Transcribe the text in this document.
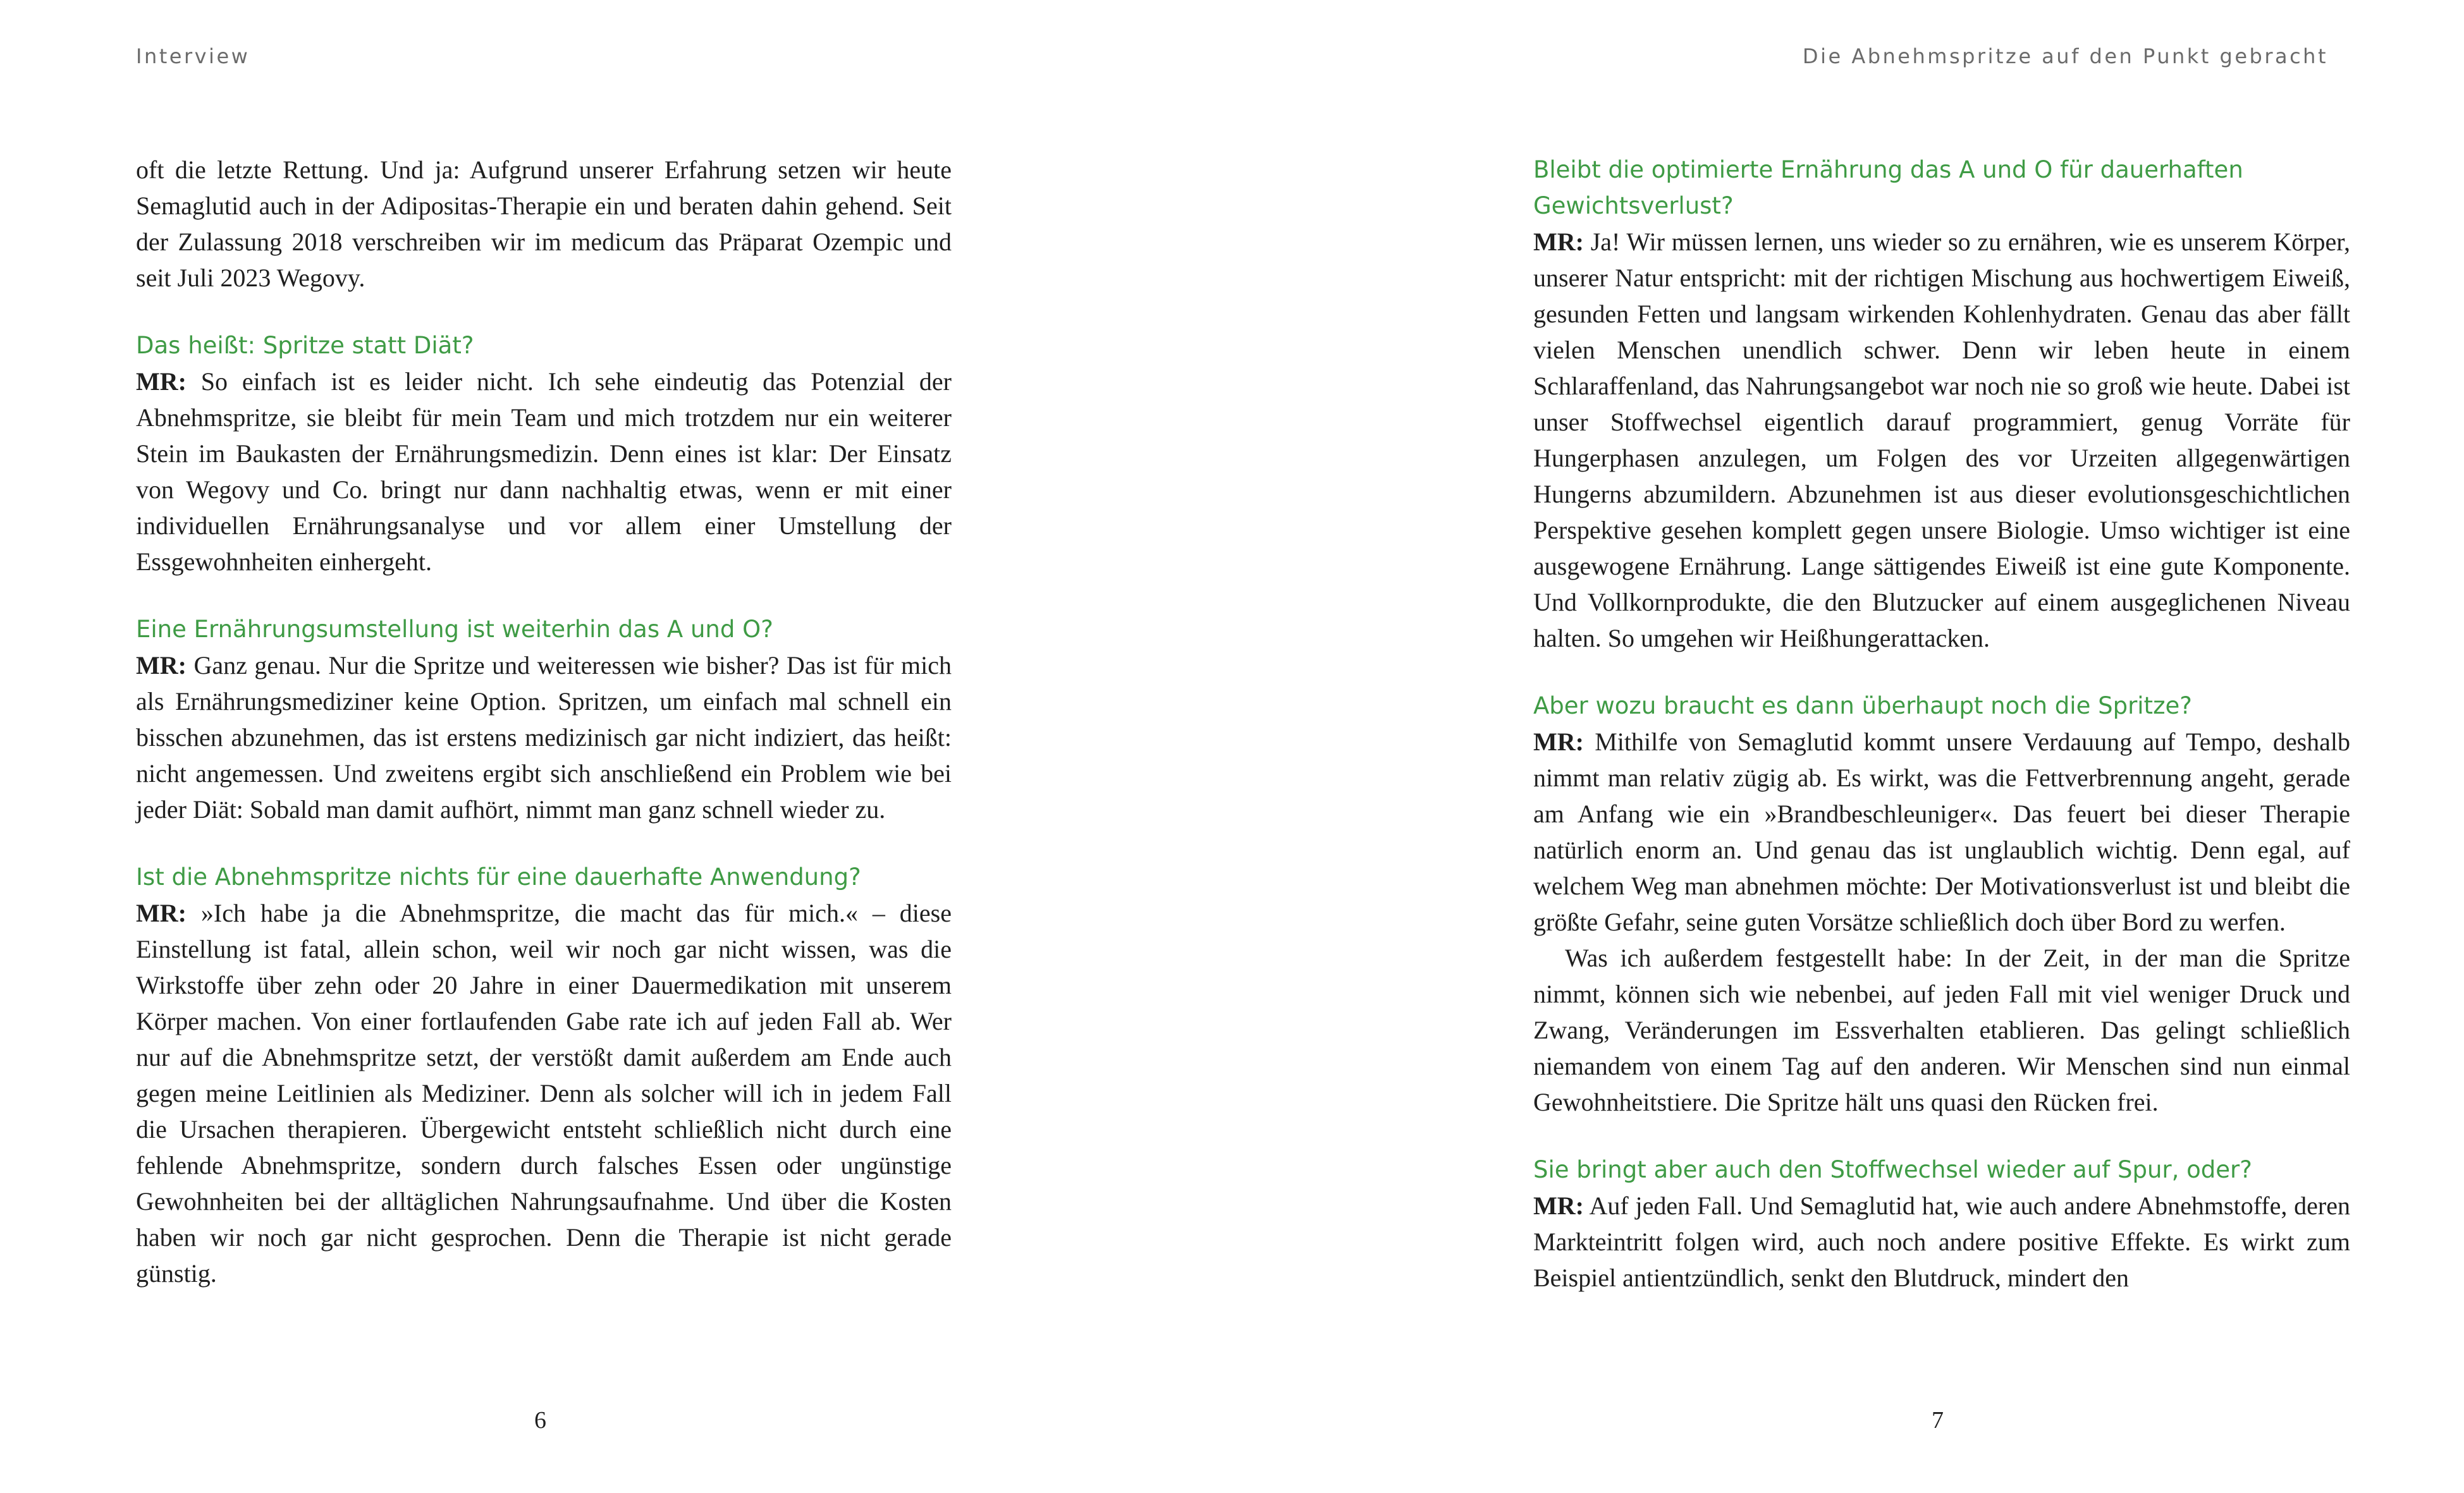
Interview	Die Abnehmspritze auf den Punkt gebracht
oft die letzte Rettung. Und ja: Aufgrund unserer Erfahrung setzen wir heute Semaglutid auch in der Adipositas-Therapie ein und beraten dahin gehend. Seit der Zulassung 2018 verschreiben wir im medicum das Präparat Ozempic und seit Juli 2023 Wegovy.
Das heißt: Spritze statt Diät?
MR: So einfach ist es leider nicht. Ich sehe eindeutig das Potenzial der Abnehmspritze, sie bleibt für mein Team und mich trotzdem nur ein weiterer Stein im Baukasten der Ernährungsmedizin. Denn eines ist klar: Der Einsatz von Wegovy und Co. bringt nur dann nachhaltig etwas, wenn er mit einer individuellen Ernährungsanalyse und vor allem einer Umstellung der Essgewohnheiten einhergeht.
Eine Ernährungsumstellung ist weiterhin das A und O?
MR: Ganz genau. Nur die Spritze und weiteressen wie bisher? Das ist für mich als Ernährungsmediziner keine Option. Spritzen, um einfach mal schnell ein bisschen abzunehmen, das ist erstens medizinisch gar nicht indiziert, das heißt: nicht angemessen. Und zweitens ergibt sich anschließend ein Problem wie bei jeder Diät: Sobald man damit aufhört, nimmt man ganz schnell wieder zu.
Ist die Abnehmspritze nichts für eine dauerhafte Anwendung?
MR: »Ich habe ja die Abnehmspritze, die macht das für mich.« – diese Einstellung ist fatal, allein schon, weil wir noch gar nicht wissen, was die Wirkstoffe über zehn oder 20 Jahre in einer Dauermedikation mit unserem Körper machen. Von einer fortlaufenden Gabe rate ich auf jeden Fall ab. Wer nur auf die Abnehmspritze setzt, der verstößt damit außerdem am Ende auch gegen meine Leitlinien als Mediziner. Denn als solcher will ich in jedem Fall die Ursachen therapieren. Übergewicht entsteht schließlich nicht durch eine fehlende Abnehmspritze, sondern durch falsches Essen oder ungünstige Gewohnheiten bei der alltäglichen Nahrungsaufnahme. Und über die Kosten haben wir noch gar nicht gesprochen. Denn die Therapie ist nicht gerade günstig.
Bleibt die optimierte Ernährung das A und O für dauerhaften Gewichtsverlust?
MR: Ja! Wir müssen lernen, uns wieder so zu ernähren, wie es unserem Körper, unserer Natur entspricht: mit der richtigen Mischung aus hochwertigem Eiweiß, gesunden Fetten und langsam wirkenden Kohlenhydraten. Genau das aber fällt vielen Menschen unendlich schwer. Denn wir leben heute in einem Schlaraffenland, das Nahrungsangebot war noch nie so groß wie heute. Dabei ist unser Stoffwechsel eigentlich darauf programmiert, genug Vorräte für Hungerphasen anzulegen, um Folgen des vor Urzeiten allgegenwärtigen Hungerns abzumildern. Abzunehmen ist aus dieser evolutionsgeschichtlichen Perspektive gesehen komplett gegen unsere Biologie. Umso wichtiger ist eine ausgewogene Ernährung. Lange sättigendes Eiweiß ist eine gute Komponente. Und Vollkornprodukte, die den Blutzucker auf einem ausgeglichenen Niveau halten. So umgehen wir Heißhungerattacken.
Aber wozu braucht es dann überhaupt noch die Spritze?
MR: Mithilfe von Semaglutid kommt unsere Verdauung auf Tempo, deshalb nimmt man relativ zügig ab. Es wirkt, was die Fettverbrennung angeht, gerade am Anfang wie ein »Brandbeschleuniger«. Das feuert bei dieser Therapie natürlich enorm an. Und genau das ist unglaublich wichtig. Denn egal, auf welchem Weg man abnehmen möchte: Der Motivationsverlust ist und bleibt die größte Gefahr, seine guten Vorsätze schließlich doch über Bord zu werfen.
Was ich außerdem festgestellt habe: In der Zeit, in der man die Spritze nimmt, können sich wie nebenbei, auf jeden Fall mit viel weniger Druck und Zwang, Veränderungen im Essverhalten etablieren. Das gelingt schließlich niemandem von einem Tag auf den anderen. Wir Menschen sind nun einmal Gewohnheitstiere. Die Spritze hält uns quasi den Rücken frei.
Sie bringt aber auch den Stoffwechsel wieder auf Spur, oder?
MR: Auf jeden Fall. Und Semaglutid hat, wie auch andere Abnehmstoffe, deren Markteintritt folgen wird, auch noch andere positive Effekte. Es wirkt zum Beispiel antientzündlich, senkt den Blutdruck, mindert den
6	7
